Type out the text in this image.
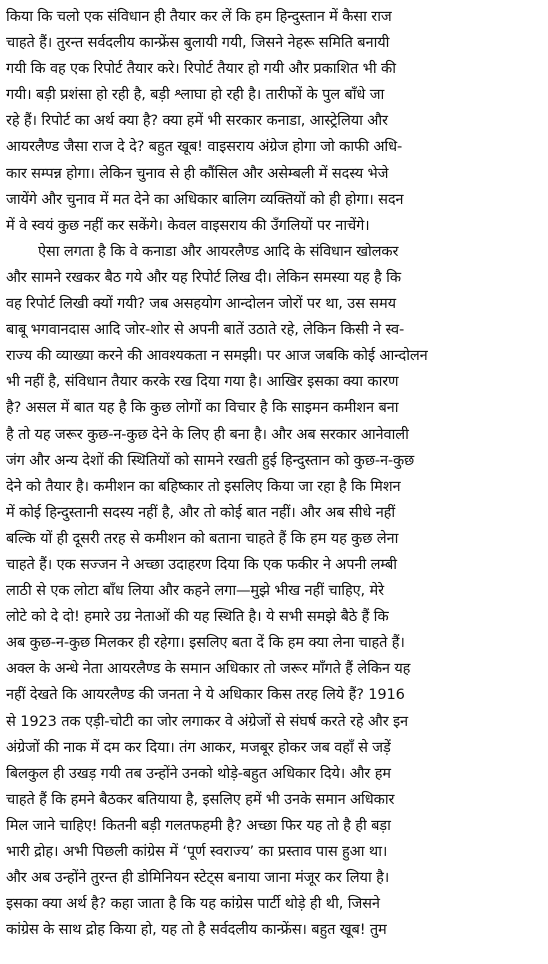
किया कि चलो एक संविधान ही तैयार कर लें कि हम हिन्दुस्तान में कैसा राज
चाहते हैं। तुरन्त सर्वदलीय कान्फ्रेंस बुलायी गयी, जिसने नेहरू समिति बनायी
गयी कि वह एक रिपोर्ट तैयार करे। रिपोर्ट तैयार हो गयी और प्रकाशित भी की
गयी। बड़ी प्रशंसा हो रही है, बड़ी श्लाघा हो रही है। तारीफों के पुल बाँधे जा
रहे हैं। रिपोर्ट का अर्थ क्या है? क्या हमें भी सरकार कनाडा, आस्ट्रेलिया और
आयरलैण्ड जैसा राज दे दे? बहुत खूब! वाइसराय अंग्रेज होगा जो काफी अधि-
कार सम्पन्न होगा। लेकिन चुनाव से ही कौंसिल और असेम्बली में सदस्य भेजे
जायेंगे और चुनाव में मत देने का अधिकार बालिग व्यक्तियों को ही होगा। सदन
में वे स्वयं कुछ नहीं कर सकेंगे। केवल वाइसराय की उँगलियों पर नाचेंगे।
ऐसा लगता है कि वे कनाडा और आयरलैण्ड आदि के संविधान खोलकर
और सामने रखकर बैठ गये और यह रिपोर्ट लिख दी। लेकिन समस्या यह है कि
वह रिपोर्ट लिखी क्यों गयी? जब असहयोग आन्दोलन जोरों पर था, उस समय
बाबू भगवानदास आदि जोर-शोर से अपनी बातें उठाते रहे, लेकिन किसी ने स्व-
राज्य की व्याख्या करने की आवश्यकता न समझी। पर आज जबकि कोई आन्दोलन
भी नहीं है, संविधान तैयार करके रख दिया गया है। आखिर इसका क्या कारण
है? असल में बात यह है कि कुछ लोगों का विचार है कि साइमन कमीशन बना
है तो यह जरूर कुछ-न-कुछ देने के लिए ही बना है। और अब सरकार आनेवाली
जंग और अन्य देशों की स्थितियों को सामने रखती हुई हिन्दुस्तान को कुछ-न-कुछ
देने को तैयार है। कमीशन का बहिष्कार तो इसलिए किया जा रहा है कि मिशन
में कोई हिन्दुस्तानी सदस्य नहीं है, और तो कोई बात नहीं। और अब सीधे नहीं
बल्कि यों ही दूसरी तरह से कमीशन को बताना चाहते हैं कि हम यह कुछ लेना
चाहते हैं। एक सज्जन ने अच्छा उदाहरण दिया कि एक फकीर ने अपनी लम्बी
लाठी से एक लोटा बाँध लिया और कहने लगा—मुझे भीख नहीं चाहिए, मेरे
लोटे को दे दो! हमारे उग्र नेताओं की यह स्थिति है। ये सभी समझे बैठे हैं कि
अब कुछ-न-कुछ मिलकर ही रहेगा। इसलिए बता दें कि हम क्या लेना चाहते हैं।
अक्ल के अन्धे नेता आयरलैण्ड के समान अधिकार तो जरूर माँगते हैं लेकिन यह
नहीं देखते कि आयरलैण्ड की जनता ने ये अधिकार किस तरह लिये हैं? 1916
से 1923 तक एड़ी-चोटी का जोर लगाकर वे अंग्रेजों से संघर्ष करते रहे और इन
अंग्रेजों की नाक में दम कर दिया। तंग आकर, मजबूर होकर जब वहाँ से जड़ें
बिलकुल ही उखड़ गयी तब उन्होंने उनको थोड़े-बहुत अधिकार दिये। और हम
चाहते हैं कि हमने बैठकर बतियाया है, इसलिए हमें भी उनके समान अधिकार
मिल जाने चाहिए! कितनी बड़ी गलतफहमी है? अच्छा फिर यह तो है ही बड़ा
भारी द्रोह। अभी पिछली कांग्रेस में ‘पूर्ण स्वराज्य’ का प्रस्ताव पास हुआ था।
और अब उन्होंने तुरन्त ही डोमिनियन स्टेट्स बनाया जाना मंजूर कर लिया है।
इसका क्या अर्थ है? कहा जाता है कि यह कांग्रेस पार्टी थोड़े ही थी, जिसने
कांग्रेस के साथ द्रोह किया हो, यह तो है सर्वदलीय कान्फ्रेंस। बहुत खूब! तुम
